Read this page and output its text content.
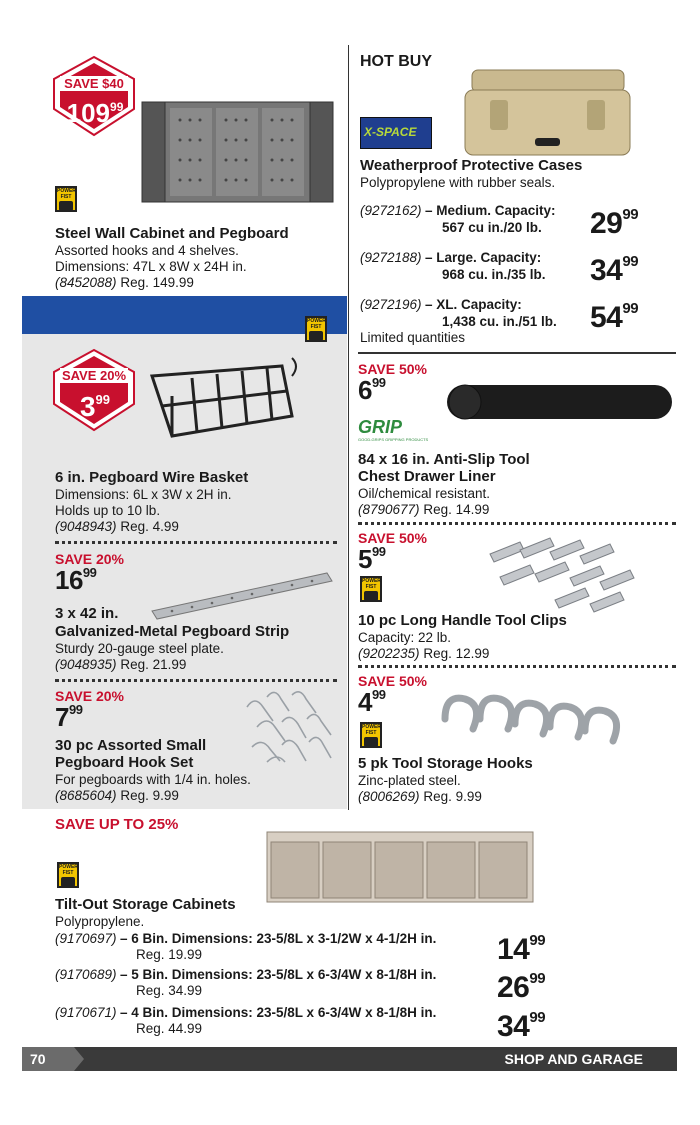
SAVE $40
$109^{99}$
POWER FIST
Steel Wall Cabinet and Pegboard
Assorted hooks and 4 shelves.
Dimensions: 47L x 8W x 24H in.
(8452088) Reg. 149.99
POWER FIST
SAVE 20%
$3^{99}$
6 in. Pegboard Wire Basket
Dimensions: 6L x 3W x 2H in.
Holds up to 10 lb.
(9048943) Reg. 4.99
SAVE 20%
$16^{99}$
3 x 42 in.
Galvanized-Metal Pegboard Strip
Sturdy 20-gauge steel plate.
(9048935) Reg. 21.99
SAVE 20%
$7^{99}$
30 pc Assorted Small
Pegboard Hook Set
For pegboards with 1/4 in. holes.
(8685604) Reg. 9.99
HOT BUY
X-SPACE
Weatherproof Protective Cases
Polypropylene with rubber seals.
(9272162) – Medium. Capacity:
567 cu in./20 lb. $29^{99}$
(9272188) – Large. Capacity:
968 cu. in./35 lb. $34^{99}$
(9272196) – XL. Capacity:
1,438 cu. in./51 lb. $54^{99}$
Limited quantities
SAVE 50%
$6^{99}$
GRIP
GOOD-GRIPS GRIPPING PRODUCTS
84 x 16 in. Anti-Slip Tool
Chest Drawer Liner
Oil/chemical resistant.
(8790677) Reg. 14.99
SAVE 50%
$5^{99}$
POWER FIST
10 pc Long Handle Tool Clips
Capacity: 22 lb.
(9202235) Reg. 12.99
SAVE 50%
$4^{99}$
POWER FIST
5 pk Tool Storage Hooks
Zinc-plated steel.
(8006269) Reg. 9.99
SAVE UP TO 25%
POWER FIST
Tilt-Out Storage Cabinets
Polypropylene.
(9170697) – 6 Bin. Dimensions: 23-5/8L x 3-1/2W x 4-1/2H in.
Reg. 19.99	$14^{99}$
(9170689) – 5 Bin. Dimensions: 23-5/8L x 6-3/4W x 8-1/8H in.
Reg. 34.99	$26^{99}$
(9170671) – 4 Bin. Dimensions: 23-5/8L x 6-3/4W x 8-1/8H in.
Reg. 44.99	$34^{99}$
70	SHOP AND GARAGE
